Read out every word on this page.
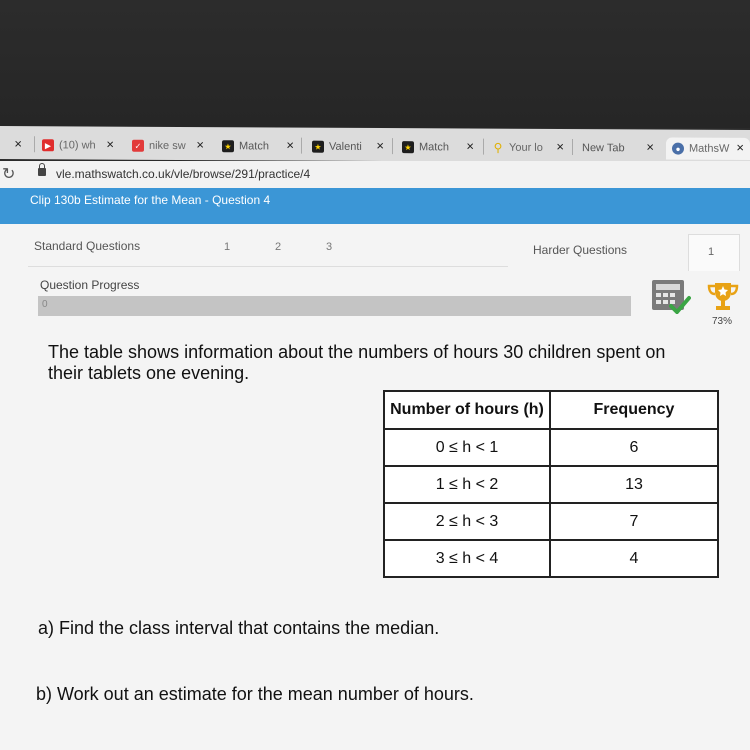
×	▶ (10) wh ×	✓ nike sw ×	★ Match ×	★ Valenti ×	★ Match × ⚲ Your lo × New Tab ×	● MathsW ×
↻	vle.mathswatch.co.uk/vle/browse/291/practice/4
Clip 130b Estimate for the Mean - Question 4
Standard Questions	1	2	3	Harder Questions	1
Question Progress
0
73%
The table shows information about the numbers of hours 30 children spent on their tablets one evening.
Number of hours (h)	Frequency
0 ≤ h < 1	6
1 ≤ h < 2	13
2 ≤ h < 3	7
3 ≤ h < 4	4
a) Find the class interval that contains the median.
b) Work out an estimate for the mean number of hours.
